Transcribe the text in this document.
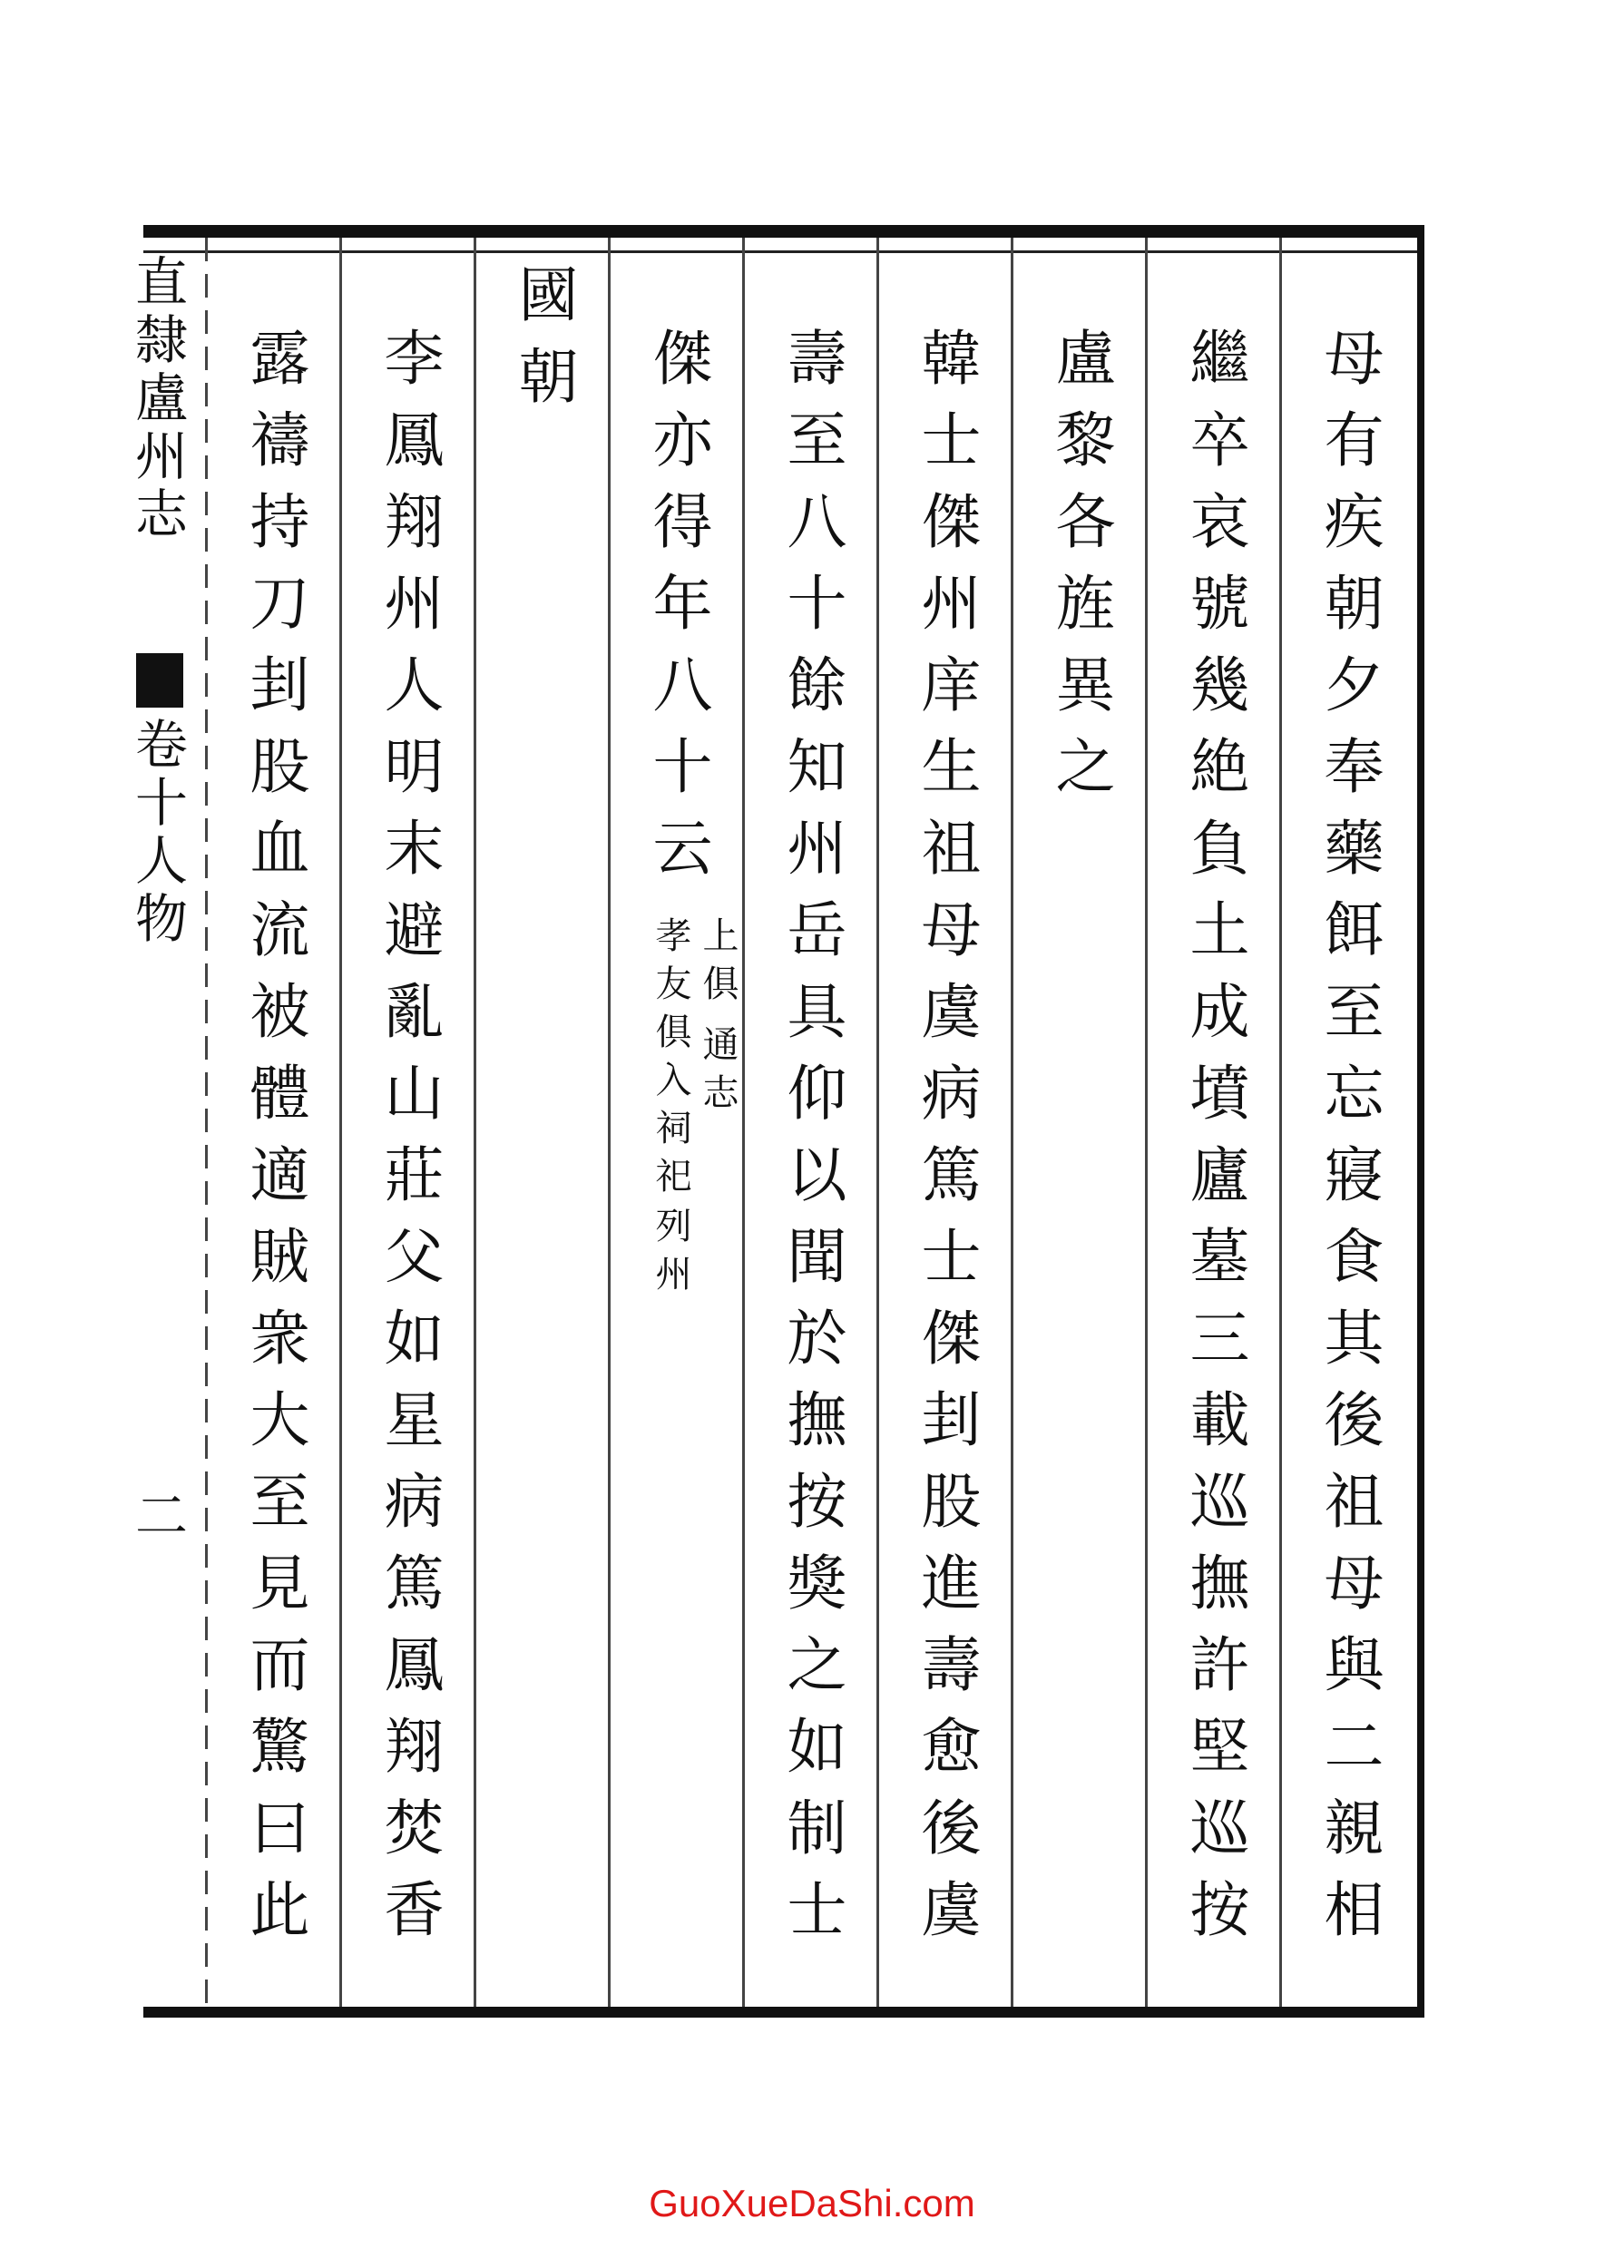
直隸盧州志
卷十人物
二	母有疾朝夕奉藥餌至忘寢食其後祖母與二親相
繼卒哀號幾絶負土成墳廬墓三載巡撫許堅巡按
盧黎各旌異之
韓士傑州庠生祖母虞病篤士傑刲股進壽愈後虞
壽至八十餘知州岳具仰以聞於撫按獎之如制士
傑亦得年八十云
上俱
孝友俱入祠祀 通志
列州
國朝
李鳳翔州人明末避亂山莊父如星病篤鳳翔焚香
露禱持刀刲股血流被體適賊衆大至見而驚曰此
GuoXueDaShi.com
